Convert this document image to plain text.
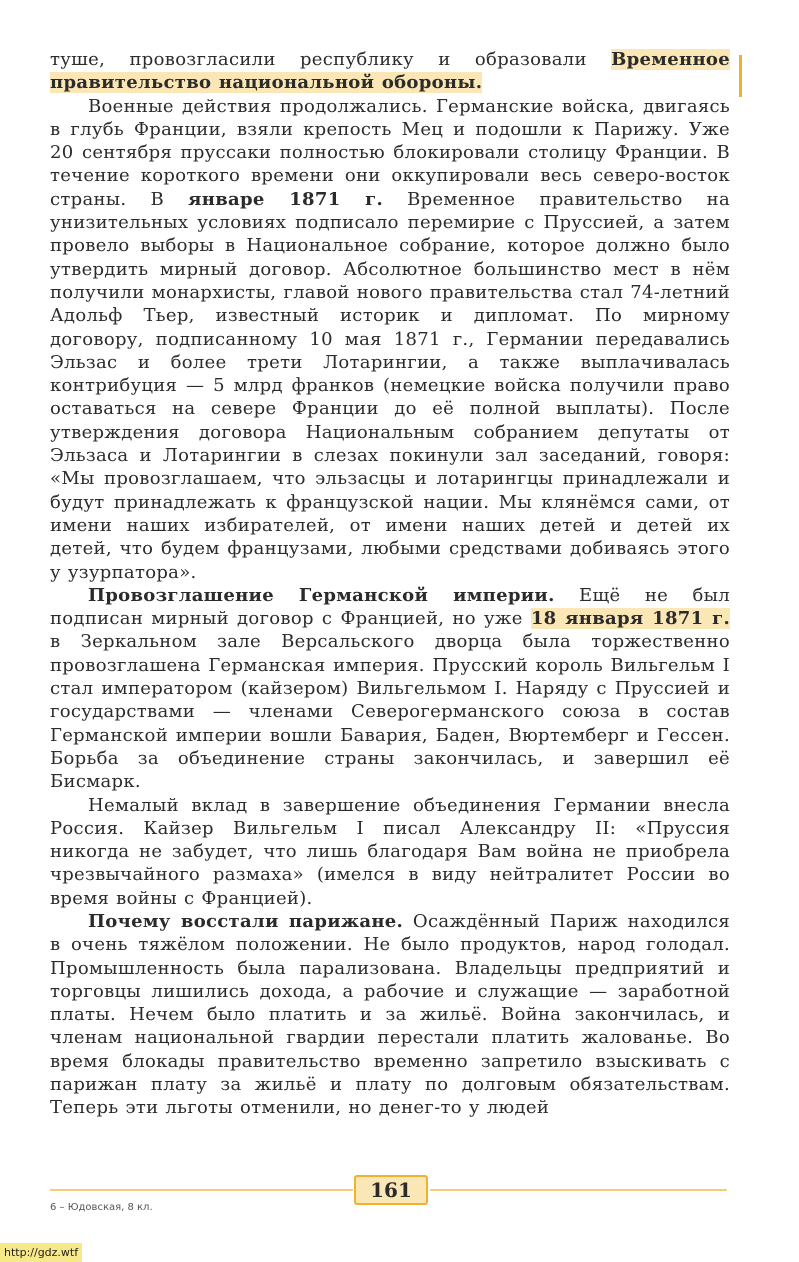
туше, провозгласили республику и образовали Временное правительство национальной обороны.

Военные действия продолжались. Германские войска, двигаясь в глубь Франции, взяли крепость Мец и подошли к Парижу. Уже 20 сентября пруссаки полностью блокировали столицу Франции. В течение короткого времени они оккупировали весь северо-восток страны. В январе 1871 г. Временное правительство на унизительных условиях подписало перемирие с Пруссией, а затем провело выборы в Национальное собрание, которое должно было утвердить мирный договор. Абсолютное большинство мест в нём получили монархисты, главой нового правительства стал 74-летний Адольф Тьер, известный историк и дипломат. По мирному договору, подписанному 10 мая 1871 г., Германии передавались Эльзас и более трети Лотарингии, а также выплачивалась контрибуция — 5 млрд франков (немецкие войска получили право оставаться на севере Франции до её полной выплаты). После утверждения договора Национальным собранием депутаты от Эльзаса и Лотарингии в слезах покинули зал заседаний, говоря: «Мы провозглашаем, что эльзасцы и лотарингцы принадлежали и будут принадлежать к французской нации. Мы клянёмся сами, от имени наших избирателей, от имени наших детей и детей их детей, что будем французами, любыми средствами добиваясь этого у узурпатора».

Провозглашение Германской империи. Ещё не был подписан мирный договор с Францией, но уже 18 января 1871 г. в Зеркальном зале Версальского дворца была торжественно провозглашена Германская империя. Прусский король Вильгельм I стал императором (кайзером) Вильгельмом I. Наряду с Пруссией и государствами — членами Северогерманского союза в состав Германской империи вошли Бавария, Баден, Вюртемберг и Гессен. Борьба за объединение страны закончилась, и завершил её Бисмарк.

Немалый вклад в завершение объединения Германии внесла Россия. Кайзер Вильгельм I писал Александру II: «Пруссия никогда не забудет, что лишь благодаря Вам война не приобрела чрезвычайного размаха» (имелся в виду нейтралитет России во время войны с Францией).

Почему восстали парижане. Осаждённый Париж находился в очень тяжёлом положении. Не было продуктов, народ голодал. Промышленность была парализована. Владельцы предприятий и торговцы лишились дохода, а рабочие и служащие — заработной платы. Нечем было платить и за жильё. Война закончилась, и членам национальной гвардии перестали платить жалованье. Во время блокады правительство временно запретило взыскивать с парижан плату за жильё и плату по долговым обязательствам. Теперь эти льготы отменили, но денег-то у людей

161
6 – Юдовская, 8 кл.
http://gdz.wtf
